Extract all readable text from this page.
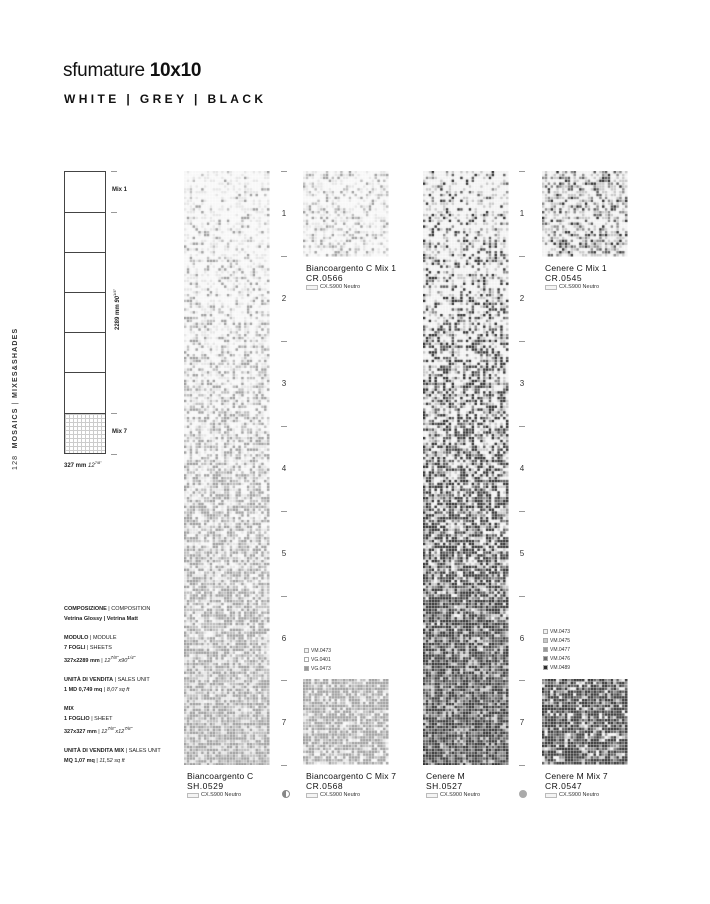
sfumature 10x10
WHITE | GREY | BLACK
128  MOSAICS | MIXES&SHADES
Mix 1
Mix 7
2289 mm $90^{1/4"}$
327 mm $12^{7/8"}$
COMPOSIZIONE | COMPOSITION
Vetrina Glossy | Vetrina Matt
MODULO | MODULE
7 FOGLI | SHEETS
327x2289 mm | $12^{7/8"}x90^{1/4"}$
UNITÀ DI VENDITA | SALES UNIT
1 MD 0,749 mq | 8,07 sq ft
MIX
1 FOGLIO | SHEET
327x327 mm | $12^{7/8"}x12^{7/8"}$
UNITÀ DI VENDITA MIX | SALES UNIT
MQ 1,07 mq | 11,52 sq ft
1
2
3
4
5
6
7
1
2
3
4
5
6
7
Biancoargento C
SH.0529
CX.S900 Neutro
Biancoargento C Mix 1
CR.0566
CX.S900 Neutro
Biancoargento C Mix 7
CR.0568
CX.S900 Neutro
Cenere M
SH.0527
CX.S900 Neutro
Cenere C Mix 1
CR.0545
CX.S900 Neutro
Cenere M Mix 7
CR.0547
CX.S900 Neutro
VM.0473
VG.0401
VG.0473
VM.0473
VM.0475
VM.0477
VM.0476
VM.0489
